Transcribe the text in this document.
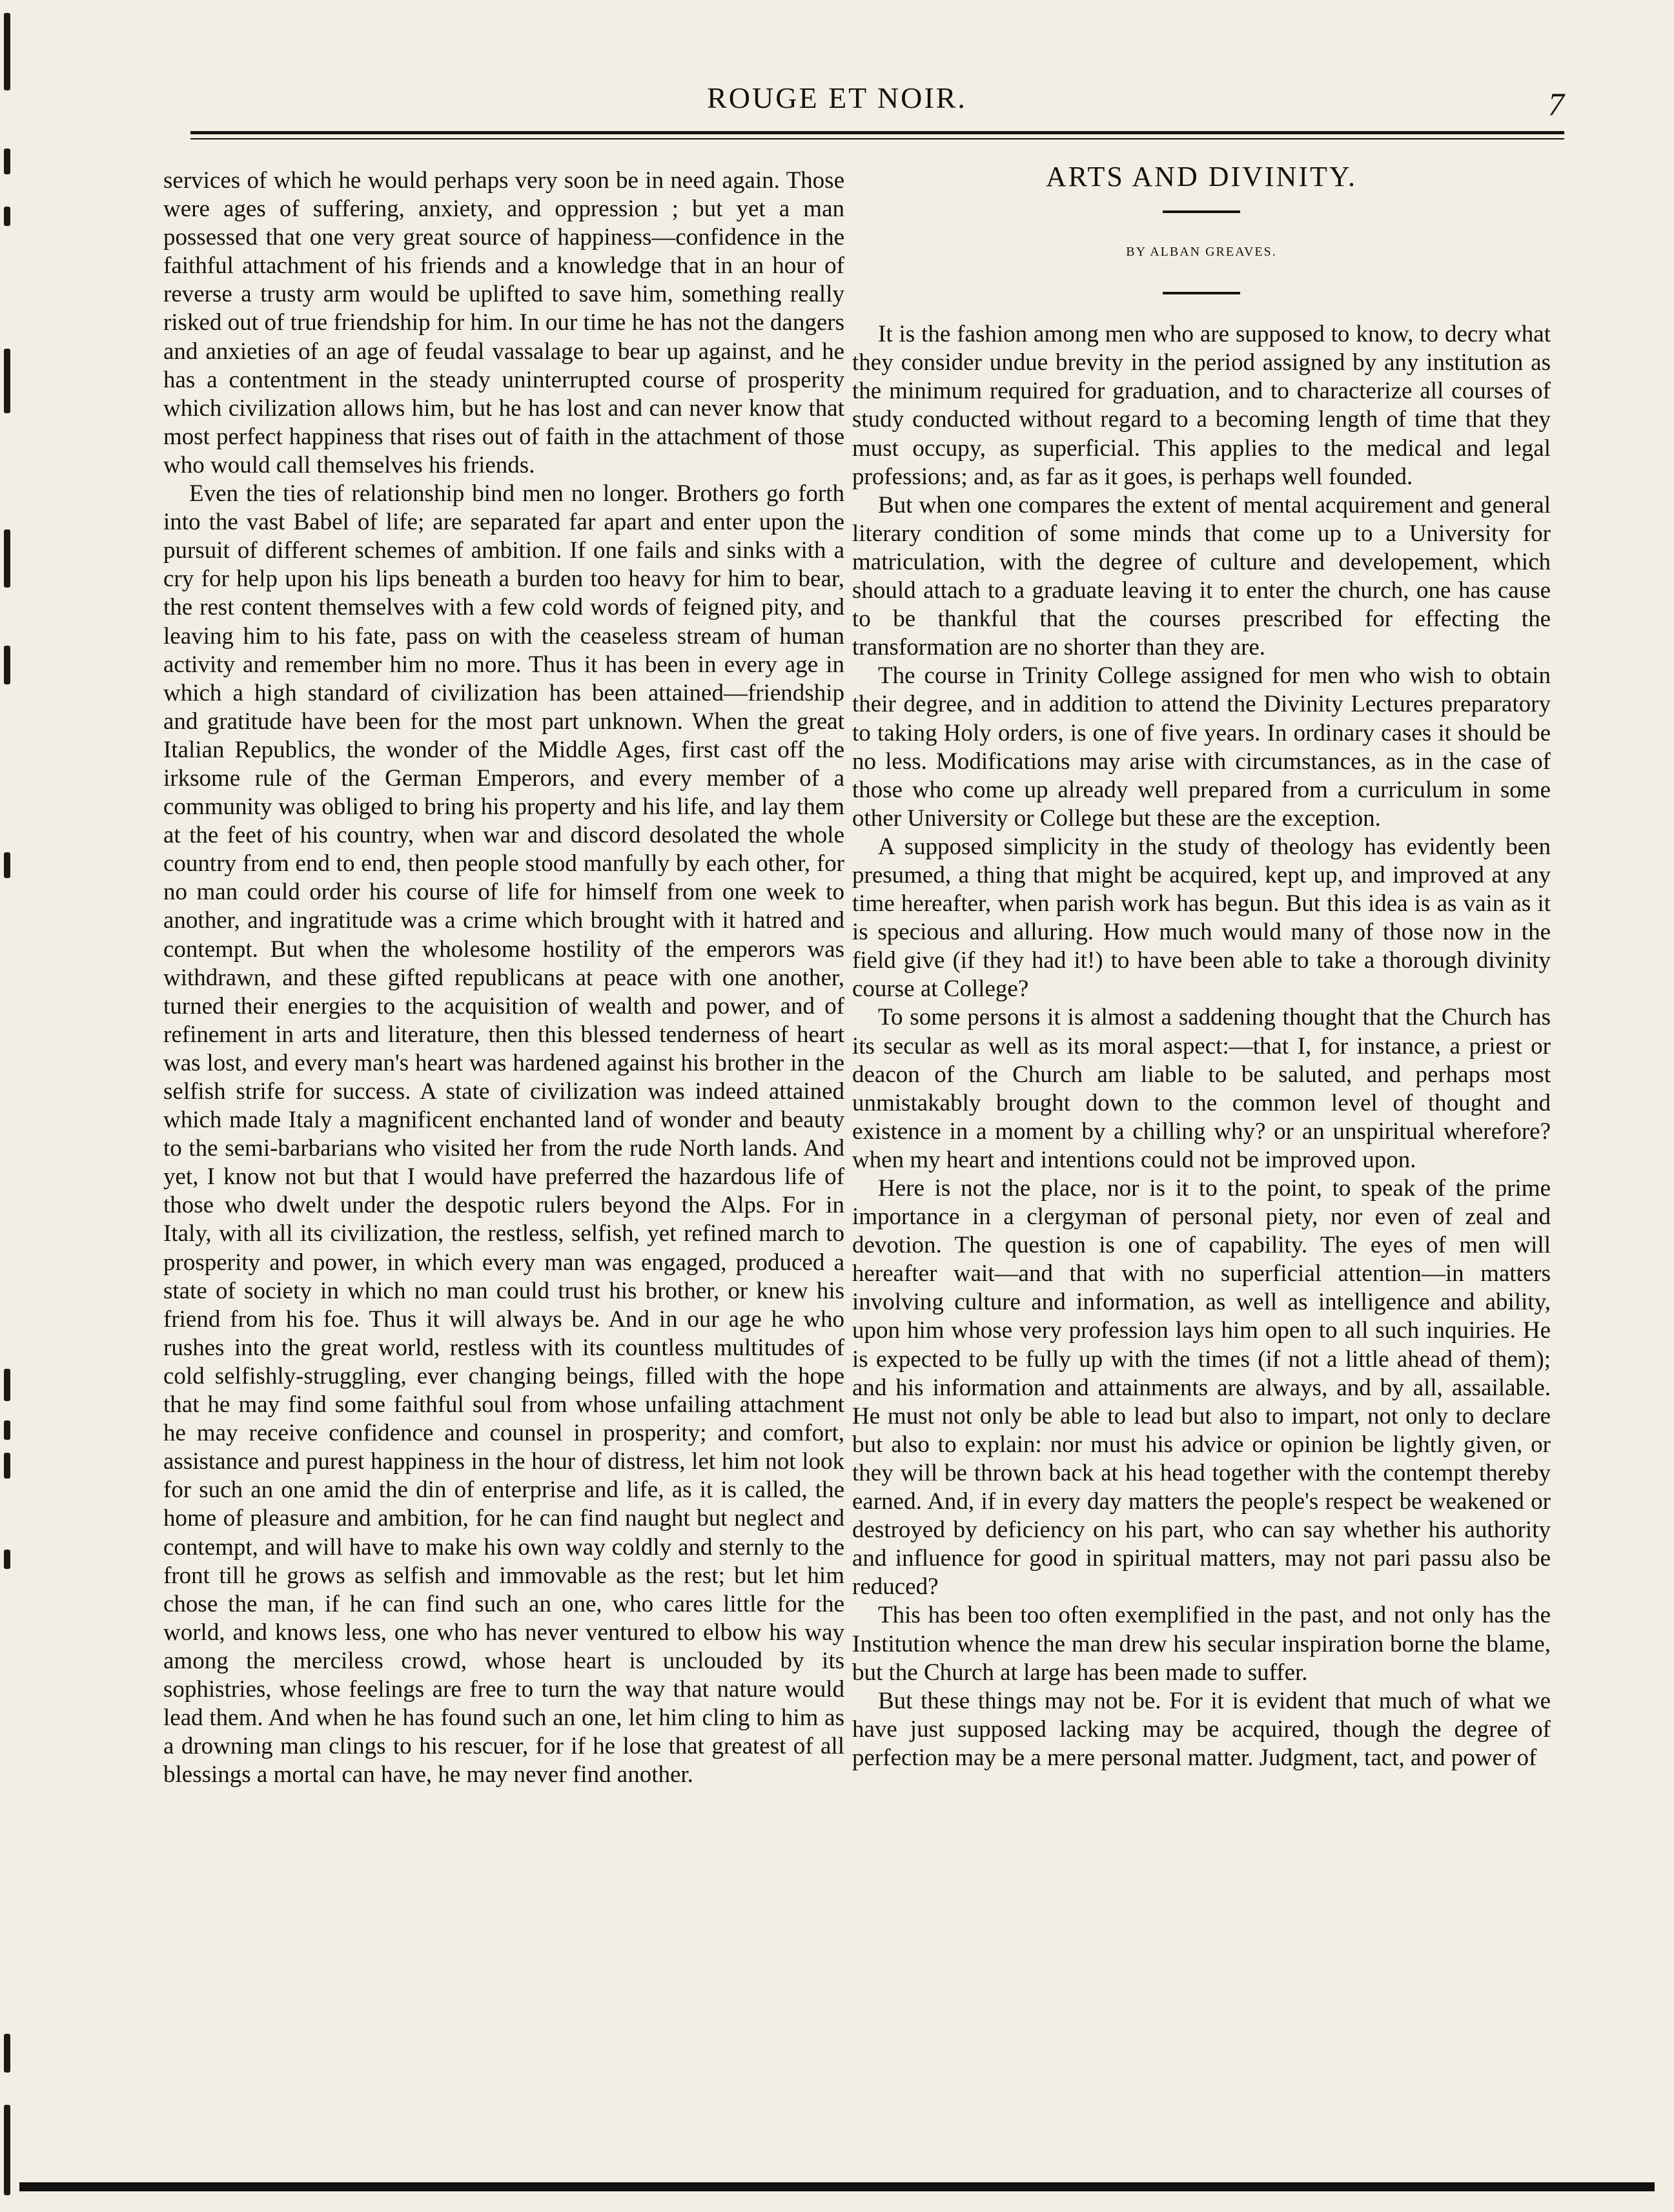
ROUGE ET NOIR.	7

services of which he would perhaps very soon be in need again. Those were ages of suffering, anxiety, and oppression ; but yet a man possessed that one very great source of happiness—confidence in the faithful attachment of his friends and a knowledge that in an hour of reverse a trusty arm would be uplifted to save him, something really risked out of true friendship for him. In our time he has not the dangers and anxieties of an age of feudal vassalage to bear up against, and he has a contentment in the steady uninterrupted course of prosperity which civilization allows him, but he has lost and can never know that most perfect happiness that rises out of faith in the attachment of those who would call themselves his friends.

Even the ties of relationship bind men no longer. Brothers go forth into the vast Babel of life; are separated far apart and enter upon the pursuit of different schemes of ambition. If one fails and sinks with a cry for help upon his lips beneath a burden too heavy for him to bear, the rest content themselves with a few cold words of feigned pity, and leaving him to his fate, pass on with the ceaseless stream of human activity and remember him no more. Thus it has been in every age in which a high standard of civilization has been attained—friendship and gratitude have been for the most part unknown. When the great Italian Republics, the wonder of the Middle Ages, first cast off the irksome rule of the German Emperors, and every member of a community was obliged to bring his property and his life, and lay them at the feet of his country, when war and discord desolated the whole country from end to end, then people stood manfully by each other, for no man could order his course of life for himself from one week to another, and ingratitude was a crime which brought with it hatred and contempt. But when the wholesome hostility of the emperors was withdrawn, and these gifted republicans at peace with one another, turned their energies to the acquisition of wealth and power, and of refinement in arts and literature, then this blessed tenderness of heart was lost, and every man's heart was hardened against his brother in the selfish strife for success. A state of civilization was indeed attained which made Italy a magnificent enchanted land of wonder and beauty to the semi-barbarians who visited her from the rude North lands. And yet, I know not but that I would have preferred the hazardous life of those who dwelt under the despotic rulers beyond the Alps. For in Italy, with all its civilization, the restless, selfish, yet refined march to prosperity and power, in which every man was engaged, produced a state of society in which no man could trust his brother, or knew his friend from his foe. Thus it will always be. And in our age he who rushes into the great world, restless with its countless multitudes of cold selfishly-struggling, ever changing beings, filled with the hope that he may find some faithful soul from whose unfailing attachment he may receive confidence and counsel in prosperity; and comfort, assistance and purest happiness in the hour of distress, let him not look for such an one amid the din of enterprise and life, as it is called, the home of pleasure and ambition, for he can find naught but neglect and contempt, and will have to make his own way coldly and sternly to the front till he grows as selfish and immovable as the rest; but let him chose the man, if he can find such an one, who cares little for the world, and knows less, one who has never ventured to elbow his way among the merciless crowd, whose heart is unclouded by its sophistries, whose feelings are free to turn the way that nature would lead them. And when he has found such an one, let him cling to him as a drowning man clings to his rescuer, for if he lose that greatest of all blessings a mortal can have, he may never find another.

ARTS AND DIVINITY.
BY ALBAN GREAVES.

It is the fashion among men who are supposed to know, to decry what they consider undue brevity in the period assigned by any institution as the minimum required for graduation, and to characterize all courses of study conducted without regard to a becoming length of time that they must occupy, as superficial. This applies to the medical and legal professions; and, as far as it goes, is perhaps well founded.

But when one compares the extent of mental acquirement and general literary condition of some minds that come up to a University for matriculation, with the degree of culture and developement, which should attach to a graduate leaving it to enter the church, one has cause to be thankful that the courses prescribed for effecting the transformation are no shorter than they are.

The course in Trinity College assigned for men who wish to obtain their degree, and in addition to attend the Divinity Lectures preparatory to taking Holy orders, is one of five years. In ordinary cases it should be no less. Modifications may arise with circumstances, as in the case of those who come up already well prepared from a curriculum in some other University or College but these are the exception.

A supposed simplicity in the study of theology has evidently been presumed, a thing that might be acquired, kept up, and improved at any time hereafter, when parish work has begun. But this idea is as vain as it is specious and alluring. How much would many of those now in the field give (if they had it!) to have been able to take a thorough divinity course at College?

To some persons it is almost a saddening thought that the Church has its secular as well as its moral aspect:—that I, for instance, a priest or deacon of the Church am liable to be saluted, and perhaps most unmistakably brought down to the common level of thought and existence in a moment by a chilling why? or an unspiritual wherefore? when my heart and intentions could not be improved upon.

Here is not the place, nor is it to the point, to speak of the prime importance in a clergyman of personal piety, nor even of zeal and devotion. The question is one of capability. The eyes of men will hereafter wait—and that with no superficial attention—in matters involving culture and information, as well as intelligence and ability, upon him whose very profession lays him open to all such inquiries. He is expected to be fully up with the times (if not a little ahead of them); and his information and attainments are always, and by all, assailable. He must not only be able to lead but also to impart, not only to declare but also to explain: nor must his advice or opinion be lightly given, or they will be thrown back at his head together with the contempt thereby earned. And, if in every day matters the people's respect be weakened or destroyed by deficiency on his part, who can say whether his authority and influence for good in spiritual matters, may not pari passu also be reduced?

This has been too often exemplified in the past, and not only has the Institution whence the man drew his secular inspiration borne the blame, but the Church at large has been made to suffer.

But these things may not be. For it is evident that much of what we have just supposed lacking may be acquired, though the degree of perfection may be a mere personal matter. Judgment, tact, and power of
